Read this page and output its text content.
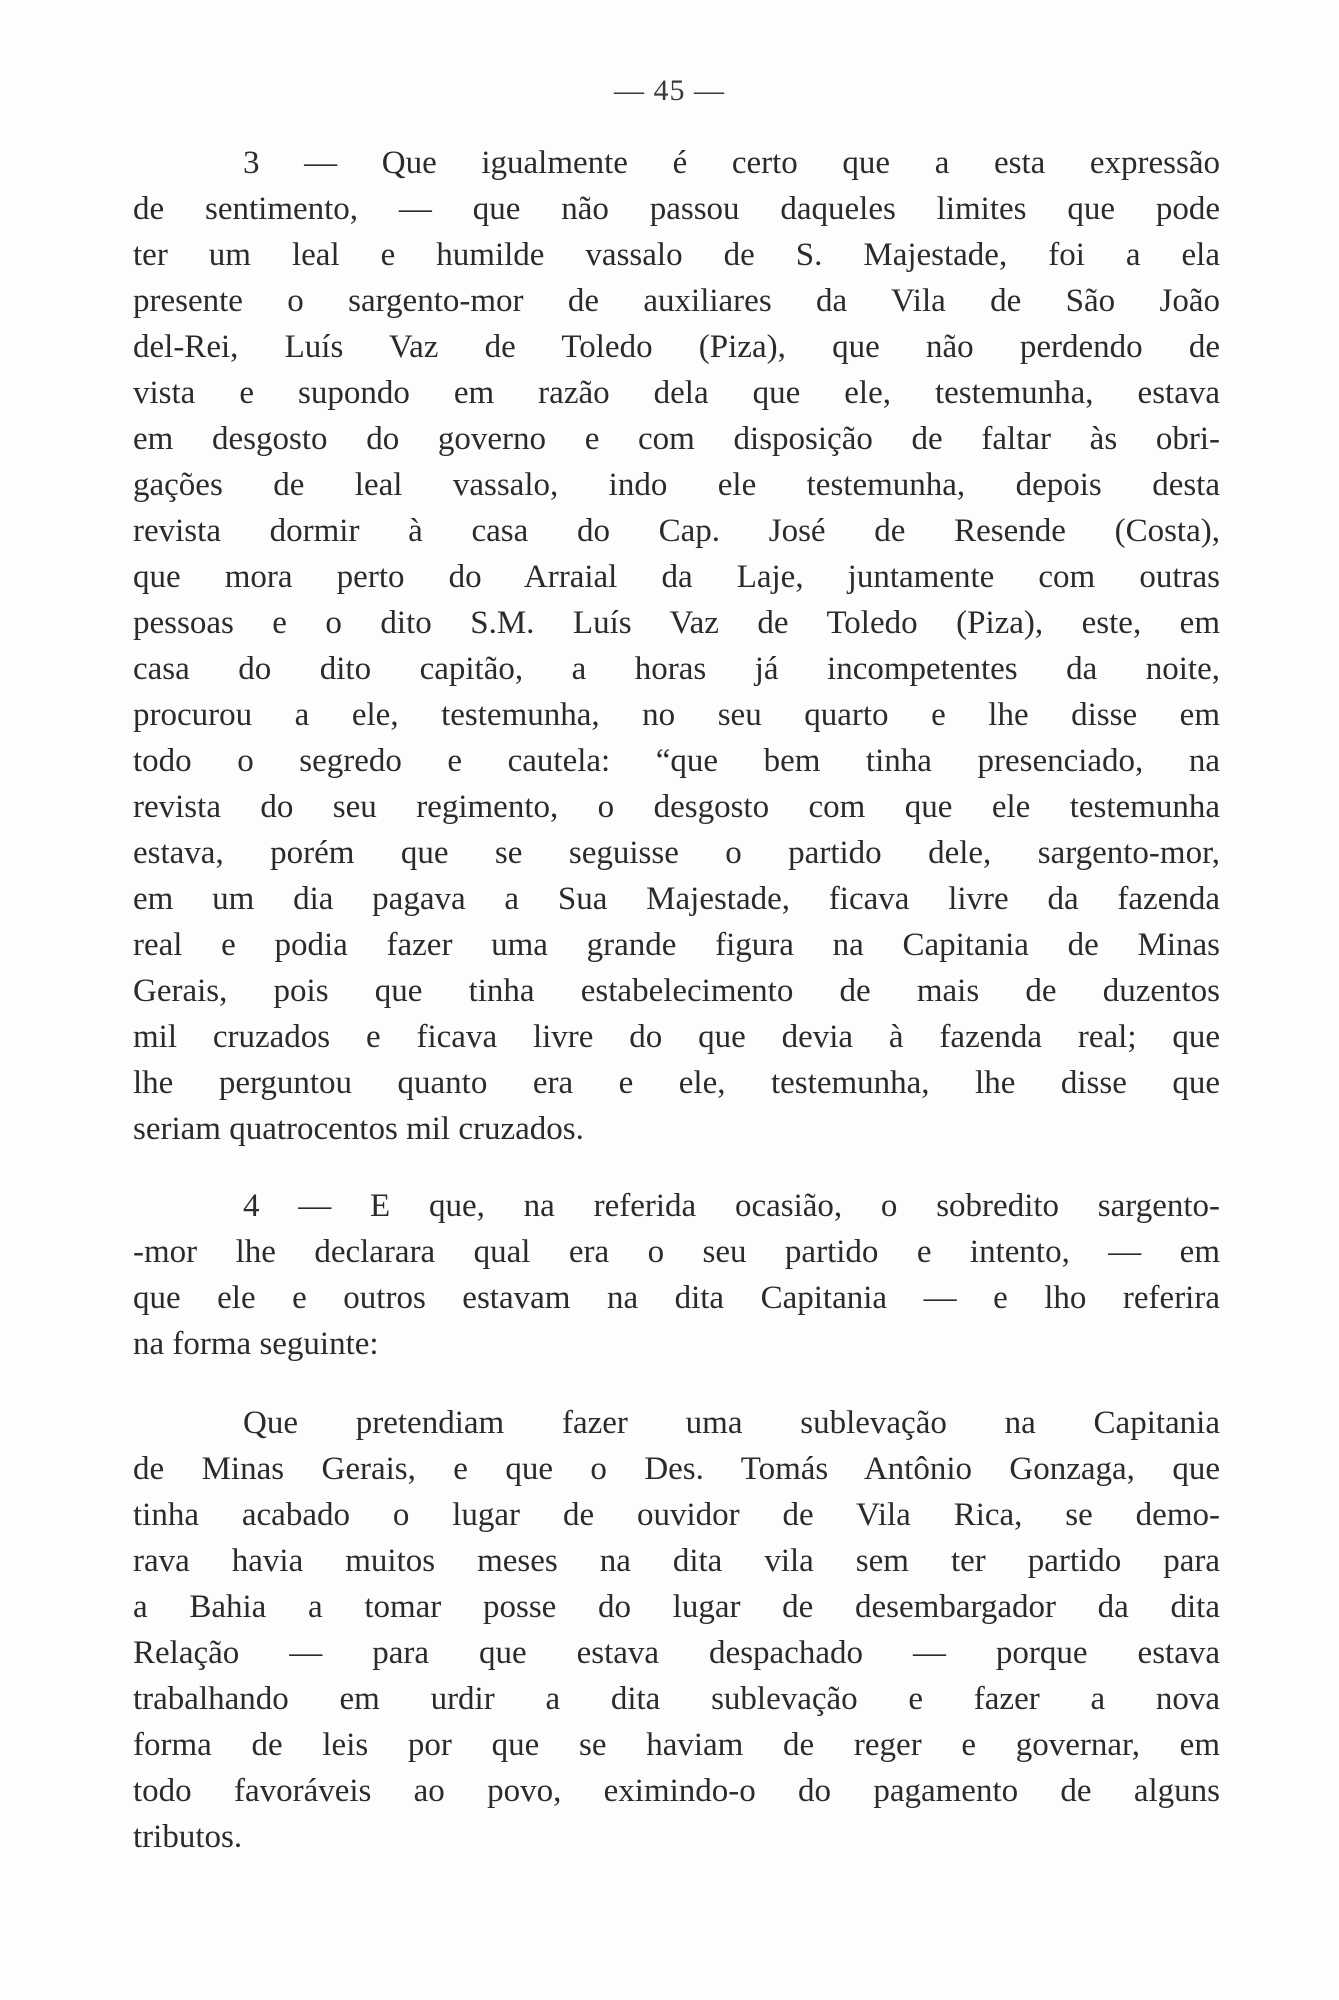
— 45 —
3 — Que igualmente é certo que a esta expressão
de sentimento, — que não passou daqueles limites que pode
ter um leal e humilde vassalo de S. Majestade, foi a ela
presente o sargento-mor de auxiliares da Vila de São João
del-Rei, Luís Vaz de Toledo (Piza), que não perdendo de
vista e supondo em razão dela que ele, testemunha, estava
em desgosto do governo e com disposição de faltar às obri-
gações de leal vassalo, indo ele testemunha, depois desta
revista dormir à casa do Cap. José de Resende (Costa),
que mora perto do Arraial da Laje, juntamente com outras
pessoas e o dito S.M. Luís Vaz de Toledo (Piza), este, em
casa do dito capitão, a horas já incompetentes da noite,
procurou a ele, testemunha, no seu quarto e lhe disse em
todo o segredo e cautela: “que bem tinha presenciado, na
revista do seu regimento, o desgosto com que ele testemunha
estava, porém que se seguisse o partido dele, sargento-mor,
em um dia pagava a Sua Majestade, ficava livre da fazenda
real e podia fazer uma grande figura na Capitania de Minas
Gerais, pois que tinha estabelecimento de mais de duzentos
mil cruzados e ficava livre do que devia à fazenda real; que
lhe perguntou quanto era e ele, testemunha, lhe disse que
seriam quatrocentos mil cruzados.
4 — E que, na referida ocasião, o sobredito sargento-
-mor lhe declarara qual era o seu partido e intento, — em
que ele e outros estavam na dita Capitania — e lho referira
na forma seguinte:
Que pretendiam fazer uma sublevação na Capitania
de Minas Gerais, e que o Des. Tomás Antônio Gonzaga, que
tinha acabado o lugar de ouvidor de Vila Rica, se demo-
rava havia muitos meses na dita vila sem ter partido para
a Bahia a tomar posse do lugar de desembargador da dita
Relação — para que estava despachado — porque estava
trabalhando em urdir a dita sublevação e fazer a nova
forma de leis por que se haviam de reger e governar, em
todo favoráveis ao povo, eximindo-o do pagamento de alguns
tributos.
